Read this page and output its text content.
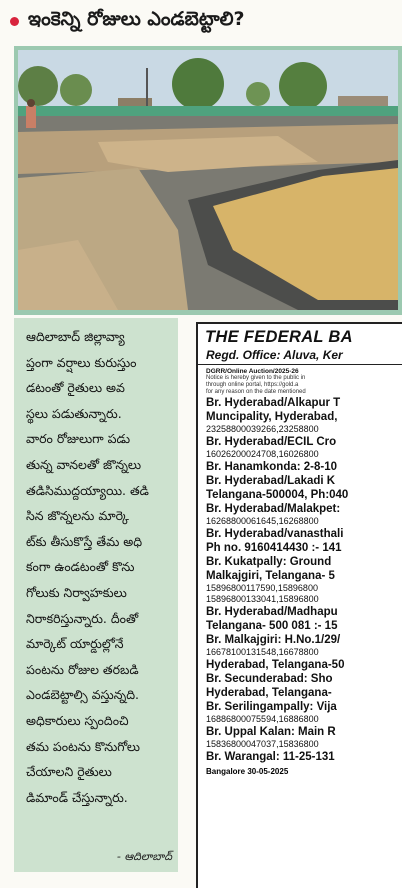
ఇంకెన్ని రోజులు ఎండబెట్టాలి?

ఆదిలాబాద్ జిల్లావ్యా
ప్తంగా వర్షాలు కురుస్తుం
డటంతో రైతులు అవ
స్థలు పడుతున్నారు.
వారం రోజులుగా పడు
తున్న వానలతో జొన్నలు
తడిసిముద్దయ్యాయి. తడి
సిన జొన్నలను మార్కె
ట్‌కు తీసుకొస్తే తేమ అధి
కంగా ఉండటంతో కొను
గోలుకు నిర్వాహకులు
నిరాకరిస్తున్నారు. దీంతో
మార్కెట్ యార్డుల్లోనే
పంటను రోజుల తరబడి
ఎండబెట్టాల్సి వస్తున్నది.
అధికారులు స్పందించి
తమ పంటను కొనుగోలు
చేయాలని రైతులు
డిమాండ్ చేస్తున్నారు.

- ఆదిలాబాద్
THE FEDERAL BA
Regd. Office: Aluva, Ker
DGRR/Online Auction/2025-26
Notice is hereby given to the public in
through online portal, https://gold.a
for any reason on the date mentioned
Br. Hyderabad/Alkapur T
Muncipality, Hyderabad,
23258800039266,23258800
Br. Hyderabad/ECIL Cro
16026200024708,16026800
Br. Hanamkonda: 2-8-10
Br. Hyderabad/Lakadi K
Telangana-500004, Ph:040
Br. Hyderabad/Malakpet:
16268800061645,16268800
Br. Hyderabad/vanasthali
Ph no. 9160414430 :- 141
Br. Kukatpally: Ground
Malkajgiri, Telangana- 5
15896800117590,15896800
15896800133041,15896800
Br. Hyderabad/Madhapu
Telangana- 500 081 :- 15
Br. Malkajgiri: H.No.1/29/
16678100131548,16678800
Hyderabad, Telangana-50
Br. Secunderabad: Sho
Hyderabad, Telangana-
Br. Serilingampally: Vija
16886800075594,16886800
Br. Uppal Kalan: Main R
15836800047037,15836800
Br. Warangal: 11-25-131
Bangalore 30-05-2025
